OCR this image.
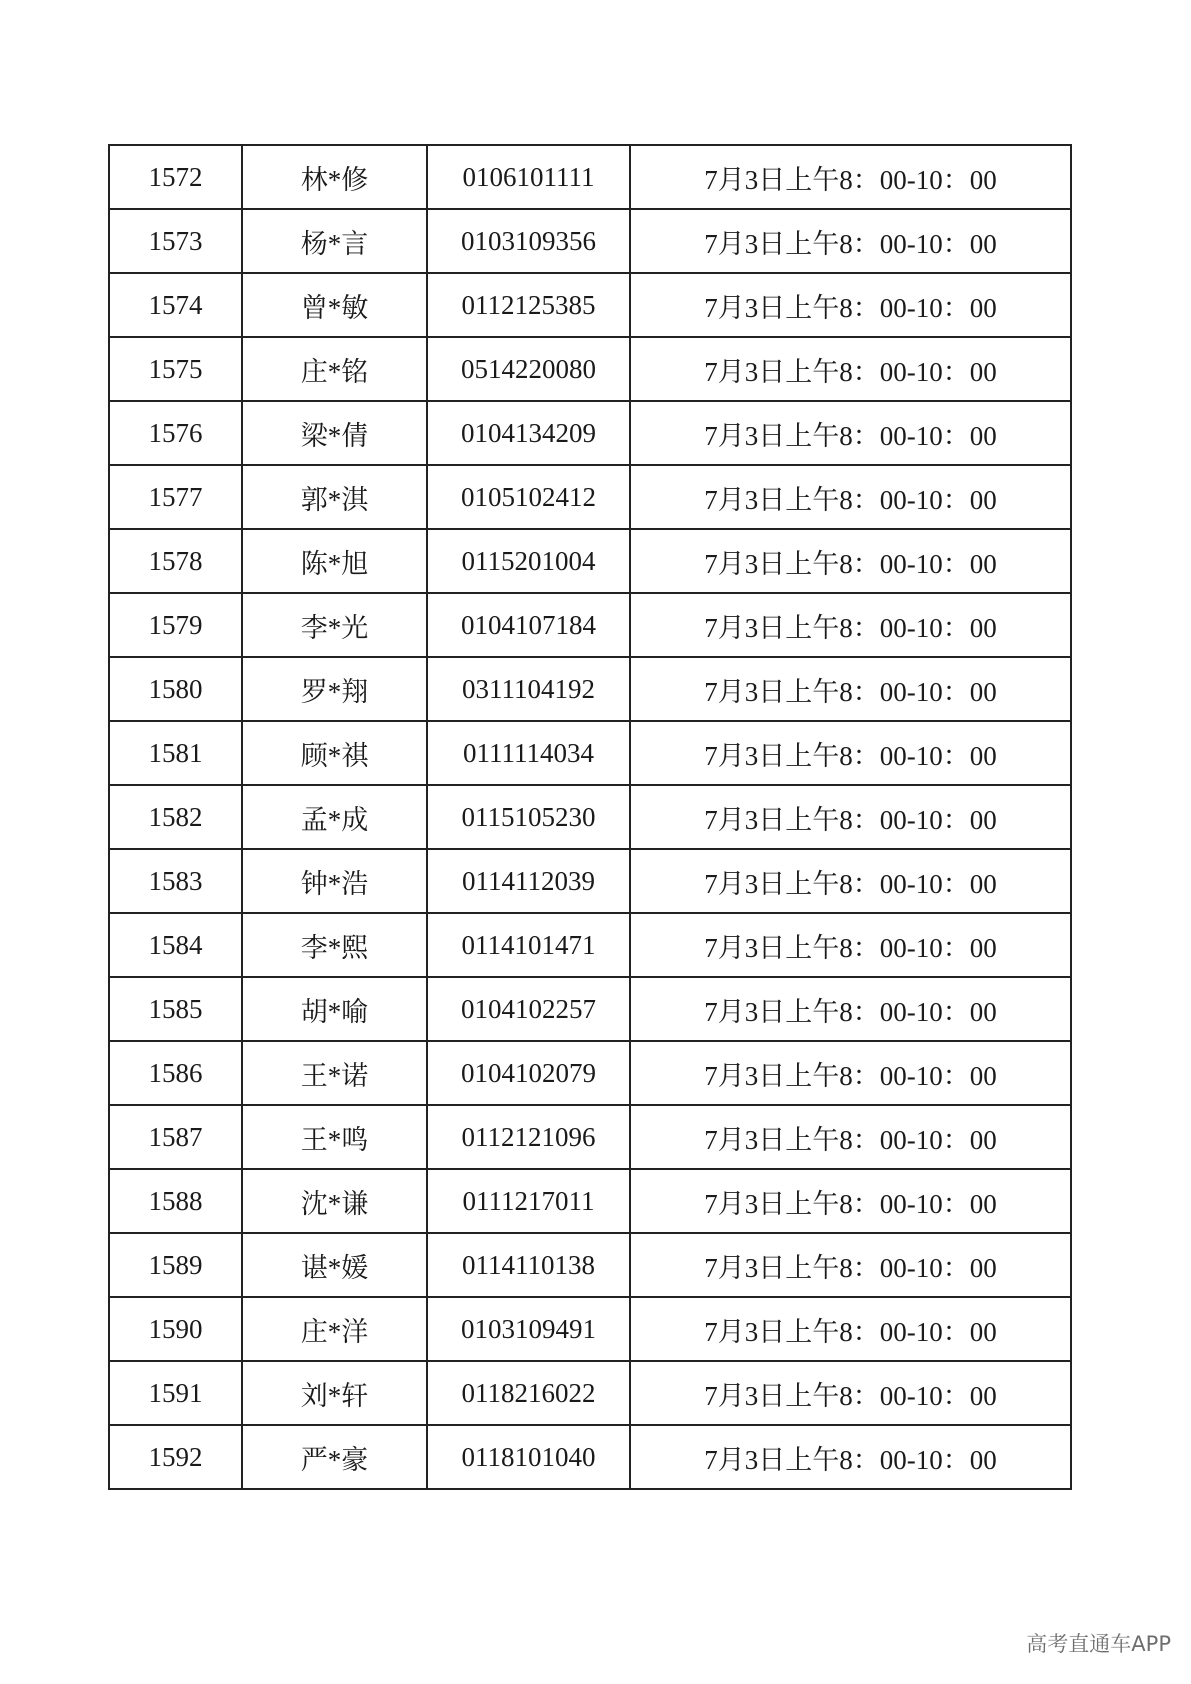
1572	林*修	0106101111	7月3日上午8：00-10：00
1573	杨*言	0103109356	7月3日上午8：00-10：00
1574	曾*敏	0112125385	7月3日上午8：00-10：00
1575	庄*铭	0514220080	7月3日上午8：00-10：00
1576	梁*倩	0104134209	7月3日上午8：00-10：00
1577	郭*淇	0105102412	7月3日上午8：00-10：00
1578	陈*旭	0115201004	7月3日上午8：00-10：00
1579	李*光	0104107184	7月3日上午8：00-10：00
1580	罗*翔	0311104192	7月3日上午8：00-10：00
1581	顾*祺	0111114034	7月3日上午8：00-10：00
1582	孟*成	0115105230	7月3日上午8：00-10：00
1583	钟*浩	0114112039	7月3日上午8：00-10：00
1584	李*熙	0114101471	7月3日上午8：00-10：00
1585	胡*喻	0104102257	7月3日上午8：00-10：00
1586	王*诺	0104102079	7月3日上午8：00-10：00
1587	王*鸣	0112121096	7月3日上午8：00-10：00
1588	沈*谦	0111217011	7月3日上午8：00-10：00
1589	谌*媛	0114110138	7月3日上午8：00-10：00
1590	庄*洋	0103109491	7月3日上午8：00-10：00
1591	刘*轩	0118216022	7月3日上午8：00-10：00
1592	严*豪	0118101040	7月3日上午8：00-10：00
高考直通车APP
